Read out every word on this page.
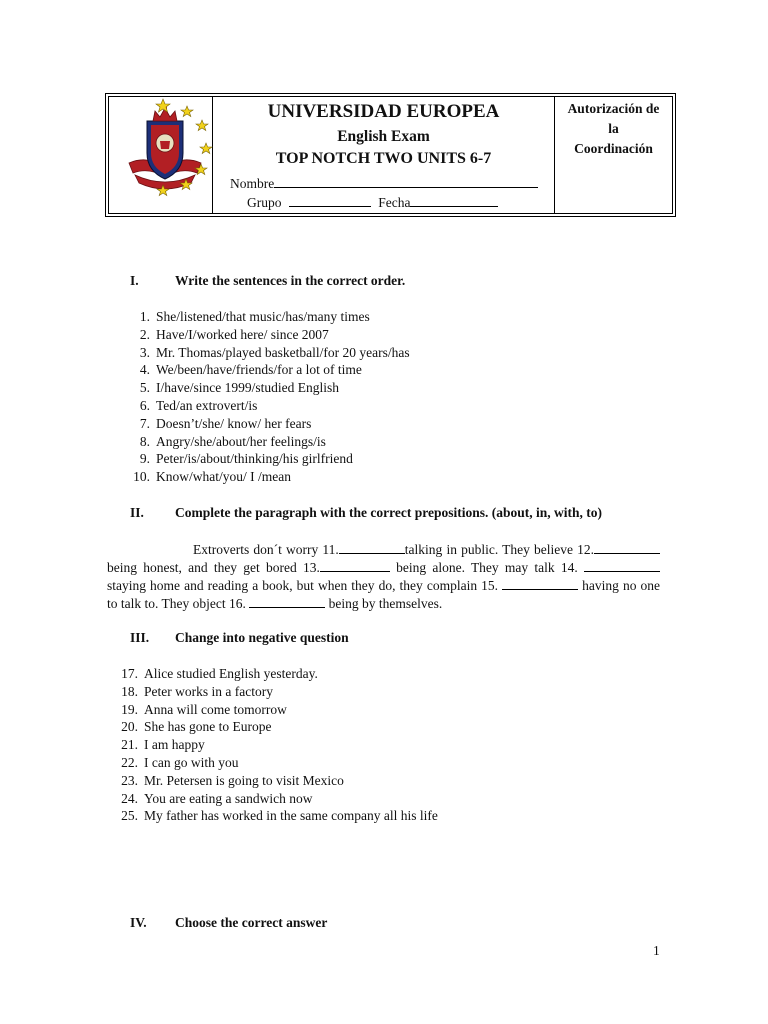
UNIVERSIDAD EUROPEA
English Exam
TOP NOTCH TWO UNITS 6-7
Nombre
Grupo	Fecha
Autorización de
la
Coordinación
I.	Write the sentences in the correct order.
1. She/listened/that music/has/many times
2. Have/I/worked here/ since 2007
3. Mr. Thomas/played basketball/for 20 years/has
4. We/been/have/friends/for a lot of time
5. I/have/since 1999/studied English
6. Ted/an extrovert/is
7. Doesn’t/she/ know/ her fears
8. Angry/she/about/her feelings/is
9. Peter/is/about/thinking/his girlfriend
10. Know/what/you/ I /mean
II. Complete the paragraph with the correct prepositions. (about, in, with, to)
Extroverts don´t worry 11.	talking in public. They believe 12.being honest, and they get bored 13.	being alone. They may talk 14. staying home and reading a book, but when they do, they complain 15.	having no one to talk to. They object 16.	being by themselves.
III. Change into negative question
17. Alice studied English yesterday.
18. Peter works in a factory
19. Anna will come tomorrow
20. She has gone to Europe
21. I am happy
22. I can go with you
23. Mr. Petersen is going to visit Mexico
24. You are eating a sandwich now
25. My father has worked in the same company all his life
IV. Choose the correct answer
1
